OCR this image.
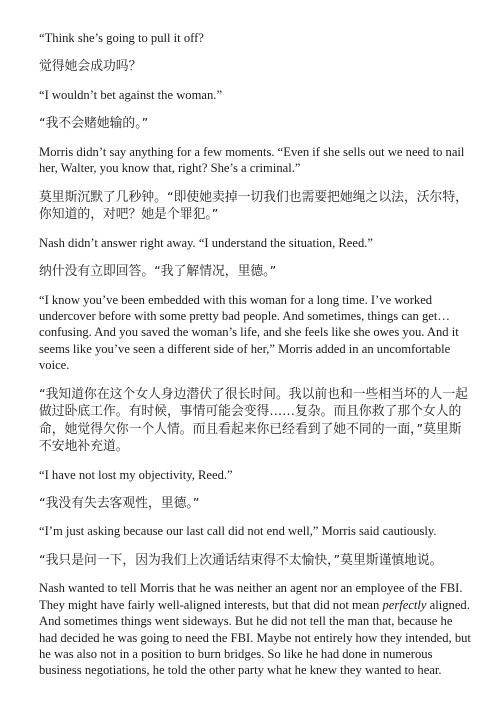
“Think she’s going to pull it off?

觉得她会成功吗？

“I wouldn’t bet against the woman.”

“我不会赌她输的。”

Morris didn’t say anything for a few moments. “Even if she sells out we need to nail her, Walter, you know that, right? She’s a criminal.”

莫里斯沉默了几秒钟。“即使她卖掉一切我们也需要把她绳之以法，沃尔特，你知道的，对吧？她是个罪犯。”

Nash didn’t answer right away. “I understand the situation, Reed.”

纳什没有立即回答。“我了解情况，里德。”

“I know you’ve been embedded with this woman for a long time. I’ve worked undercover before with some pretty bad people. And sometimes, things can get… confusing. And you saved the woman’s life, and she feels like she owes you. And it seems like you’ve seen a different side of her,” Morris added in an uncomfortable voice.

“我知道你在这个女人身边潜伏了很长时间。我以前也和一些相当坏的人一起做过卧底工作。有时候，事情可能会变得……复杂。而且你救了那个女人的命，她觉得欠你一个人情。而且看起来你已经看到了她不同的一面，”莫里斯不安地补充道。

“I have not lost my objectivity, Reed.”

“我没有失去客观性，里德。”

“I’m just asking because our last call did not end well,” Morris said cautiously.

“我只是问一下，因为我们上次通话结束得不太愉快，”莫里斯谨慎地说。

Nash wanted to tell Morris that he was neither an agent nor an employee of the FBI. They might have fairly well-aligned interests, but that did not mean perfectly aligned. And sometimes things went sideways. But he did not tell the man that, because he had decided he was going to need the FBI. Maybe not entirely how they intended, but he was also not in a position to burn bridges. So like he had done in numerous business negotiations, he told the other party what he knew they wanted to hear.
